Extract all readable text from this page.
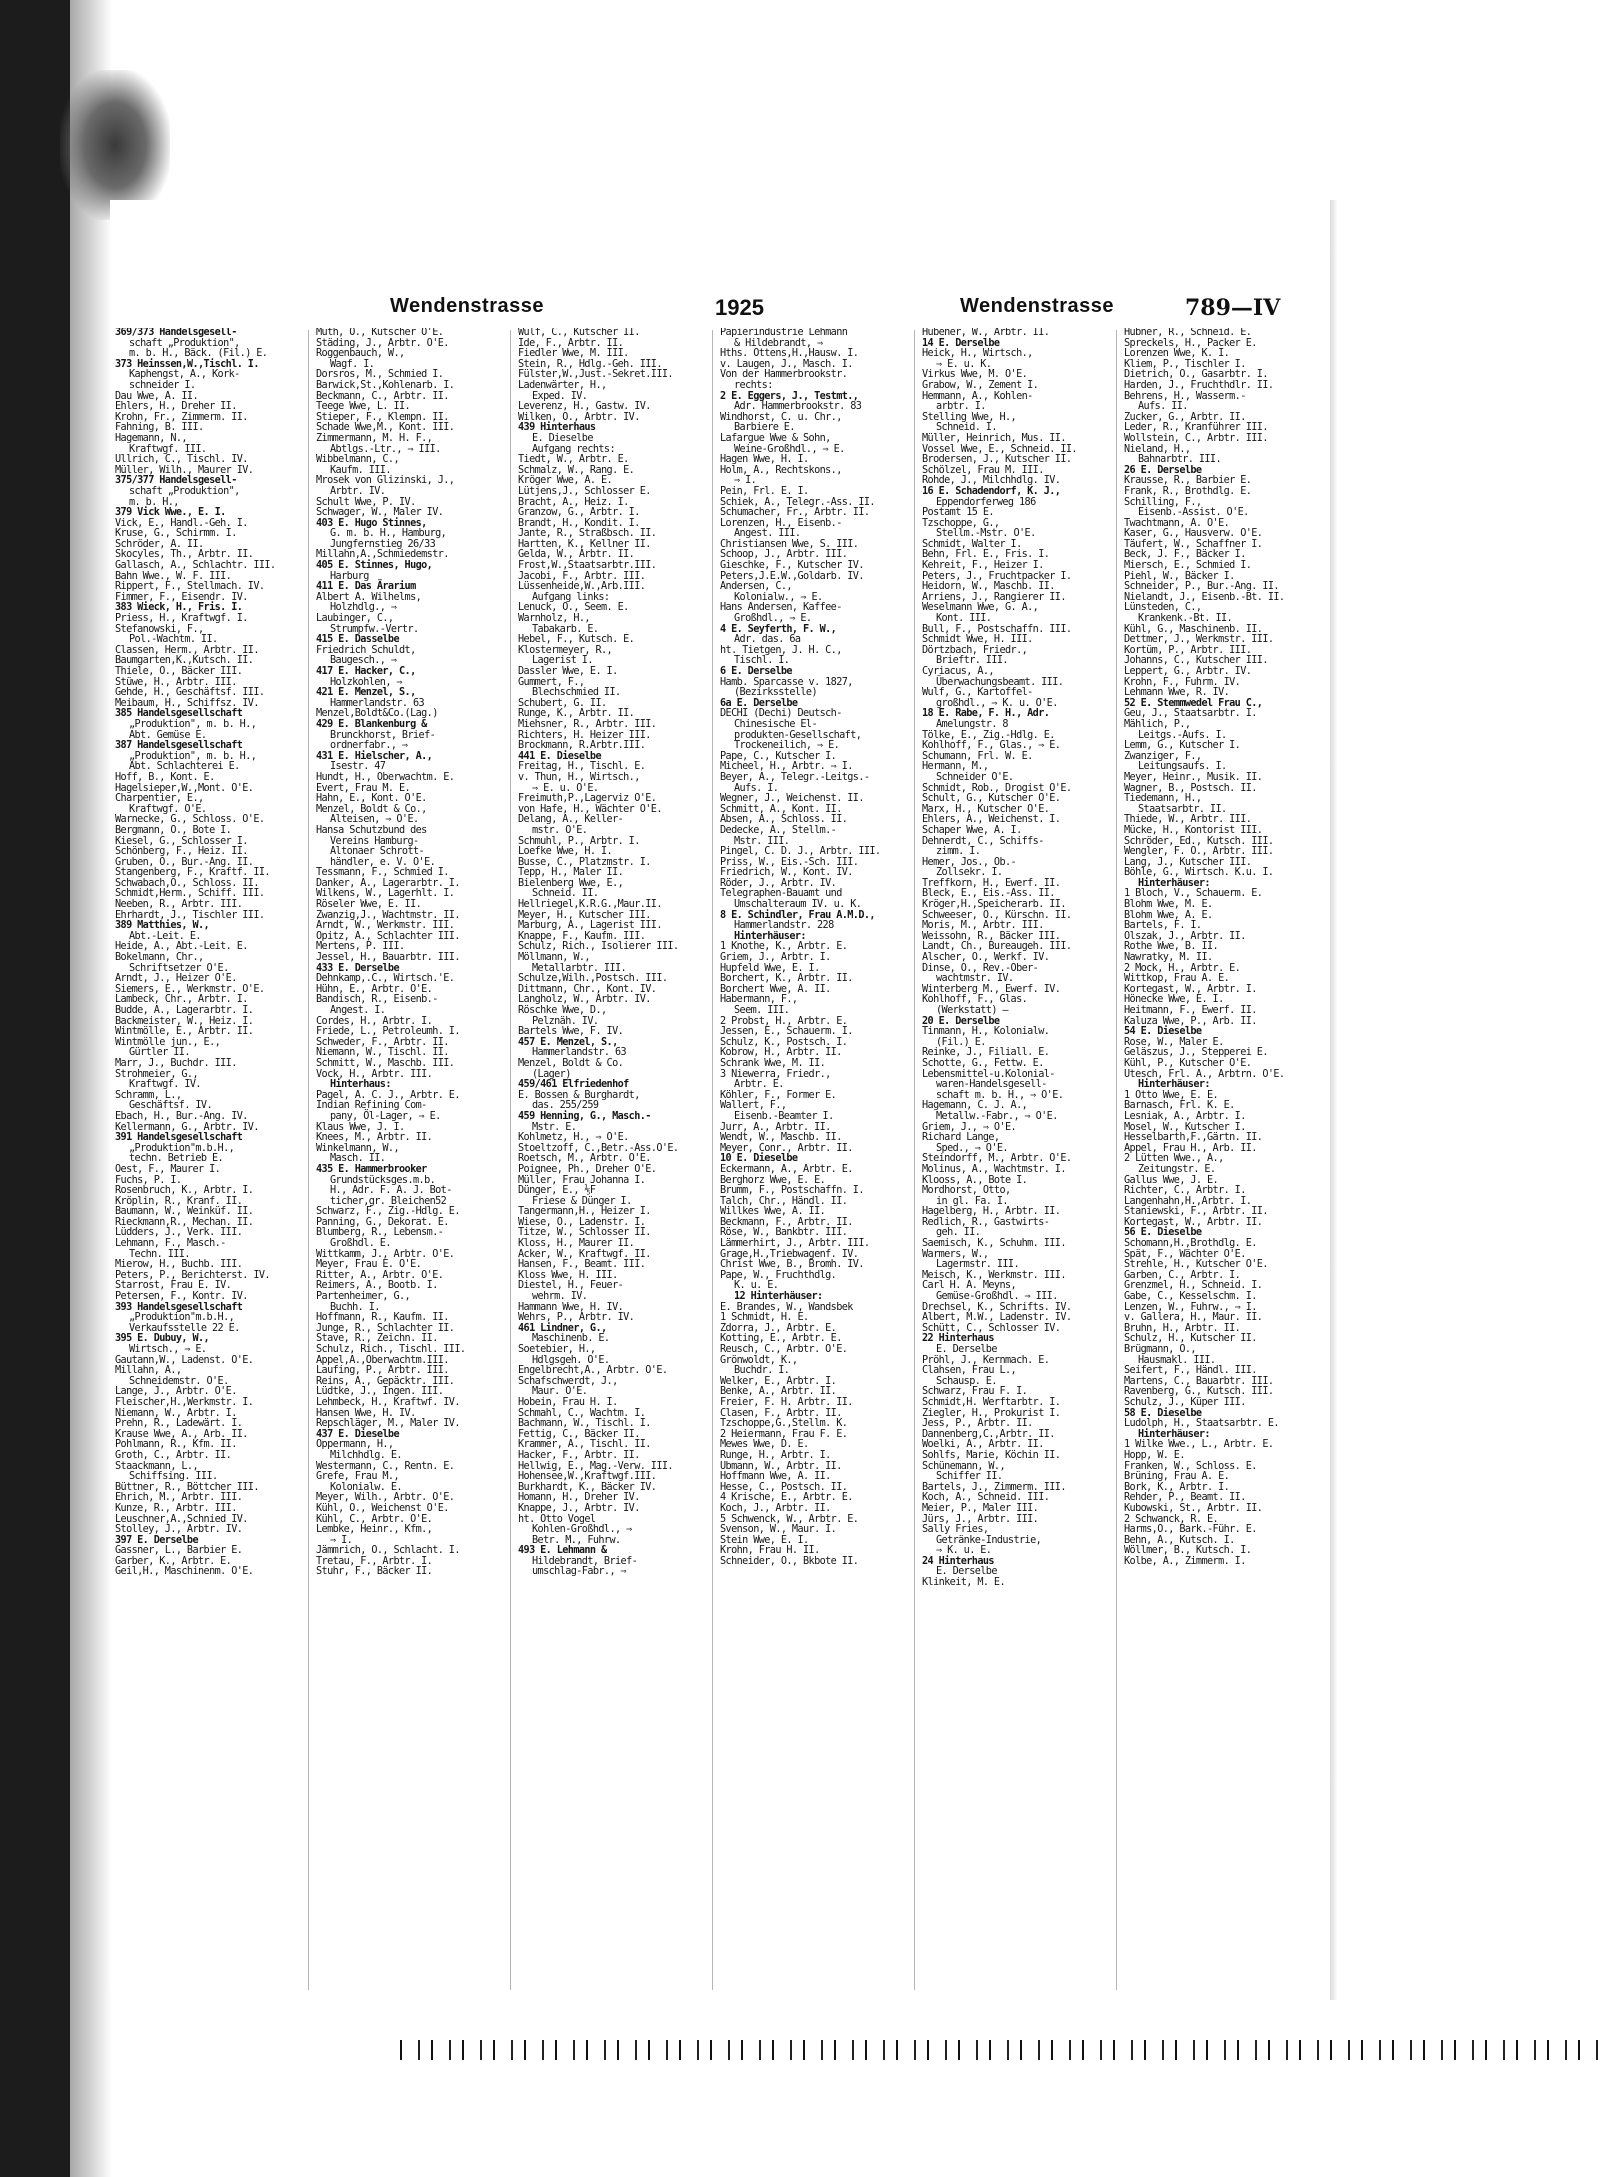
Wendenstrasse	1925	Wendenstrasse	789—IV

369/373 Handelsgesell-

schaft „Produktion",

m. b. H., Bäck. (Fil.) E.

373 Heinssen,W.,Tischl. I.

Kaphengst, A., Kork-

schneider I.

Dau Wwe, A. II.

Ehlers, H., Dreher II.

Krohn, Fr., Zimmerm. II.

Fahning, B. III.

Hagemann, N.,

Kraftwgf. III.

Ullrich, C., Tischl. IV.

Müller, Wilh., Maurer IV.

375/377 Handelsgesell-

schaft „Produktion",

m. b. H.,

379 Vick Wwe., E. I.

Vick, E., Handl.-Geh. I.

Kruse, G., Schirmm. I.

Schröder, A. II.

Skocyles, Th., Arbtr. II.

Gallasch, A., Schlachtr. III.

Bahn Wwe., W. F. III.

Rippert, F., Stellmach. IV.

Fimmer, F., Eisendr. IV.

383 Wieck, H., Fris. I.

Priess, H., Kraftwgf. I.

Stefanowski, F.,

Pol.-Wachtm. II.

Classen, Herm., Arbtr. II.

Baumgarten,K.,Kutsch. II.

Thiele, O., Bäcker III.

Stüwe, H., Arbtr. III.

Gehde, H., Geschäftsf. III.

Meibaum, H., Schiffsz. IV.

385 Handelsgesellschaft

„Produktion", m. b. H.,

Abt. Gemüse E.

387 Handelsgesellschaft

„Produktion", m. b. H.,

Abt. Schlachterei E.

Hoff, B., Kont. E.

Hagelsieper,W.,Mont. O'E.

Charpentier, E.,

Kraftwgf. O'E.

Warnecke, G., Schloss. O'E.

Bergmann, O., Bote I.

Kiesel, G., Schlosser I.

Schönberg, F., Heiz. II.

Gruben, O., Bur.-Ang. II.

Stangenberg, F., Kraftf. II.

Schwabach,O., Schloss. II.

Schmidt,Herm., Schiff. III.

Neeben, R., Arbtr. III.

Ehrhardt, J., Tischler III.

389 Matthies, W.,

Abt.-Leit. E.

Heide, A., Abt.-Leit. E.

Bokelmann, Chr.,

Schriftsetzer O'E.

Arndt, J., Heizer O'E.

Siemers, E., Werkmstr. O'E.

Lambeck, Chr., Arbtr. I.

Budde, A., Lagerarbtr. I.

Backmeister, W., Heiz. I.

Wintmölle, E., Arbtr. II.

Wintmölle jun., E.,

Gürtler II.

Marr, J., Buchdr. III.

Strohmeier, G.,

Kraftwgf. IV.

Schramm, L.,

Geschäftsf. IV.

Ebach, H., Bur.-Ang. IV.

Kellermann, G., Arbtr. IV.

391 Handelsgesellschaft

„Produktion"m.b.H.,

techn. Betrieb E.

Oest, F., Maurer I.

Fuchs, P. I.

Rosenbruch, K., Arbtr. I.

Kröplin, R., Kranf. II.

Baumann, W., Weinküf. II.

Rieckmann,R., Mechan. II.

Lüdders, J., Verk. III.

Lehmann, F., Masch.-

Techn. III.

Mierow, H., Buchb. III.

Peters, P., Berichterst. IV.

Starrost, Frau E. IV.

Petersen, F., Kontr. IV.

393 Handelsgesellschaft

„Produktion"m.b.H.,

Verkaufsstelle 22 E.

395 E. Dubuy, W.,

Wirtsch., ⇒ E.

Gautann,W., Ladenst. O'E.

Millahn, A.,

Schneidemstr. O'E.

Lange, J., Arbtr. O'E.

Fleischer,H.,Werkmstr. I.

Niemann, W., Arbtr. I.

Prehn, R., Ladewärt. I.

Krause Wwe, A., Arb. II.

Pohlmann, R., Kfm. II.

Groth, C., Arbtr. II.

Staackmann, L.,

Schiffsing. III.

Büttner, R., Böttcher III.

Ehrich, M., Arbtr. III.

Kunze, R., Arbtr. III.

Leuschner,A.,Schnied IV.

Stolley, J., Arbtr. IV.

397 E. Derselbe

Gassner, L., Barbier E.

Garber, K., Arbtr. E.

Geil,H., Maschinenm. O'E.

Muth, O., Kutscher O'E.

Städing, J., Arbtr. O'E.

Roggenbauch, W.,

Wagf. I.

Dorsros, M., Schmied I.

Barwick,St.,Kohlenarb. I.

Beckmann, C., Arbtr. II.

Teege Wwe, L. II.

Stieper, F., Klempn. II.

Schade Wwe,M., Kont. III.

Zimmermann, M. H. F.,

Abtlgs.-Ltr., ⇒ III.

Wibbelmann, C.,

Kaufm. III.

Mrosek von Glizinski, J.,

Arbtr. IV.

Schult Wwe, P. IV.

Schwager, W., Maler IV.

403 E. Hugo Stinnes,

G. m. b. H., Hamburg,

Jungfernstieg 26/33

Millahn,A.,Schmiedemstr.

405 E. Stinnes, Hugo,

Harburg

411 E. Das Ärarium

Albert A. Wilhelms,

Holzhdlg., ⇒

Laubinger, C.,

Strumpfw.-Vertr.

415 E. Dasselbe

Friedrich Schuldt,

Baugesch., ⇒

417 E. Hacker, C.,

Holzkohlen, ⇒

421 E. Menzel, S.,

Hammerlandstr. 63

Menzel,Boldt&Co.(Lag.)

429 E. Blankenburg &

Brunckhorst, Brief-

ordnerfabr., ⇒

431 E. Hielscher, A.,

Isestr. 47

Hundt, H., Oberwachtm. E.

Evert, Frau M. E.

Hahn, E., Kont. O'E.

Menzel, Boldt & Co.,

Alteisen, ⇒ O'E.

Hansa Schutzbund des

Vereins Hamburg-

Altonaer Schrott-

händler, e. V. O'E.

Tessmann, F., Schmied I.

Danker, A., Lagerarbtr. I.

Wilkens, W., Lagerhlt. I.

Röseler Wwe, E. II.

Zwanzig,J., Wachtmstr. II.

Arndt, W., Werkmstr. III.

Opitz, A., Schlachter III.

Mertens, P. III.

Jessel, H., Bauarbtr. III.

433 E. Derselbe

Dehnkamp,.C., Wirtsch.'E.

Hühn, E., Arbtr. O'E.

Bandisch, R., Eisenb.-

Angest. I.

Cordes, H., Arbtr. I.

Friede, L., Petroleumh. I.

Schweder, F., Arbtr. II.

Niemann, W., Tischl. II.

Schmitt, W., Maschb. III.

Vock, H., Arbtr. III.

Hinterhaus:

Pagel, A. C. J., Arbtr. E.

Indian Refining Com-

pany, Öl-Lager, ⇒ E.

Klaus Wwe, J. I.

Knees, M., Arbtr. II.

Winkelmann, W.,

Masch. II.

435 E. Hammerbrooker

Grundstücksges.m.b.

H., Adr. F. A. J. Bot-

ticher,gr. Bleichen52

Schwarz, F., Zig.-Hdlg. E.

Panning, G., Dekorat. E.

Blumberg, R., Lebensm.-

Großhdl. E.

Wittkamm, J., Arbtr. O'E.

Meyer, Frau E. O'E.

Ritter, A., Arbtr. O'E.

Reimers, A., Bootb. I.

Partenheimer, G.,

Buchh. I.

Hoffmann, R., Kaufm. II.

Junge, R., Schlachter II.

Stave, R., Zeichn. II.

Schulz, Rich., Tischl. III.

Appel,A.,Oberwachtm.III.

Laufing, P., Arbtr. III.

Reins, A., Gepäcktr. III.

Lüdtke, J., Ingen. III.

Lehmbeck, H., Kraftwf. IV.

Hansen Wwe, H. IV.

Repschläger, M., Maler IV.

437 E. Dieselbe

Oppermann, H.,

Milchhdlg. E.

Westermann, C., Rentn. E.

Grefe, Frau M.,

Kolonialw. E.

Meyer, Wilh., Arbtr. O'E.

Kühl, O., Weichenst O'E.

Kühl, C., Arbtr. O'E.

Lembke, Heinr., Kfm.,

⇒ I.

Jämmrich, O., Schlacht. I.

Tretau, F., Arbtr. I.

Stuhr, F., Bäcker II.

Wulf, C., Kutscher II.

Ide, F., Arbtr. II.

Fiedler Wwe, M. III.

Stein, R., Hdlg.-Geh. III.

Fülster,W.,Just.-Sekret.III.

Ladenwärter, H.,

Exped. IV.

Leverenz, H., Gastw. IV.

Wilken, O., Arbtr. IV.

439 Hinterhaus

E. Dieselbe

Aufgang rechts:

Tiedt, W., Arbtr. E.

Schmalz, W., Rang. E.

Kröger Wwe, A. E.

Lütjens,J., Schlosser E.

Bracht, A., Heiz. I.

Granzow, G., Arbtr. I.

Brandt, H., Kondit. I.

Jante, R., Straßbsch. II.

Hartten, K., Kellner II.

Gelda, W., Arbtr. II.

Frost,W.,Staatsarbtr.III.

Jacobi, F., Arbtr. III.

Lüssenheide,W.,Arb.III.

Aufgang links:

Lenuck, O., Seem. E.

Warnholz, H.,

Tabakarb. E.

Hebel, F., Kutsch. E.

Klostermeyer, R.,

Lagerist I.

Dassler Wwe, E. I.

Gummert, F.,

Blechschmied II.

Schubert, G. II.

Runge, K., Arbtr. II.

Miehsner, R., Arbtr. III.

Richters, H. Heizer III.

Brockmann, R.Arbtr.III.

441 E. Dieselbe

Freitag, H., Tischl. E.

v. Thun, H., Wirtsch.,

⇒ E. u. O'E.

Freimuth,P.,Lagerviz O'E.

von Hafe, H., Wächter O'E.

Delang, A., Keller-

mstr. O'E.

Schmuhl, P., Arbtr. I.

Loefke Wwe, H. I.

Busse, C., Platzmstr. I.

Tepp, H., Maler II.

Bielenberg Wwe, E.,

Schneid. II.

Hellriegel,K.R.G.,Maur.II.

Meyer, H., Kutscher III.

Marburg, A., Lagerist III.

Knappe, F., Kaufm. III.

Schulz, Rich., Isolierer III.

Möllmann, W.,

Metallarbtr. III.

Schulze,Wilh.,Postsch. III.

Dittmann, Chr., Kont. IV.

Langholz, W., Arbtr. IV.

Röschke Wwe, D.,

Pelznäh. IV.

Bartels Wwe, F. IV.

457 E. Menzel, S.,

Hammerlandstr. 63

Menzel, Boldt & Co.

(Lager)

459/461 Elfriedenhof

E. Bossen & Burghardt,

das. 255/259

459 Henning, G., Masch.-

Mstr. E.

Kohlmetz, H., ⇒ O'E.

Stoeltzoff, C.,Betr.-Ass.O'E.

Roetsch, M., Arbtr. O'E.

Poignee, Ph., Dreher O'E.

Müller, Frau Johanna I.

Dünger, E., ⅕F

Friese & Dünger I.

Tangermann,H., Heizer I.

Wiese, O., Ladenstr. I.

Titze, W., Schlosser II.

Kloss, H., Maurer II.

Acker, W., Kraftwgf. II.

Hansen, F., Beamt. III.

Kloss Wwe, H. III.

Diestel, H., Feuer-

wehrm. IV.

Hammann Wwe, H. IV.

Wehrs, P., Arbtr. IV.

461 Lindner, G.,

Maschinenb. E.

Soetebier, H.,

Hdlgsgeh. O'E.

Engelbrecht,A., Arbtr. O'E.

Schafschwerdt, J.,

Maur. O'E.

Hobein, Frau H. I.

Schmahl, C., Wachtm. I.

Bachmann, W., Tischl. I.

Fettig, C., Bäcker II.

Krammer, A., Tischl. II.

Hacker, F., Arbtr. II.

Hellwig, E., Mag.-Verw. III.

Hohensee,W.,Kraftwgf.III.

Burkhardt, K., Bäcker IV.

Homann, H., Dreher IV.

Knappe, J., Arbtr. IV.

ht. Otto Vogel

Kohlen-Großhdl., ⇒

Betr. M., Fuhrw.

493 E. Lehmann &

Hildebrandt, Brief-

umschlag-Fabr., ⇒

Papierindustrie Lehmann

& Hildebrandt, ⇒

Hths. Ottens,H.,Hausw. I.

v. Laugen, J., Masch. I.

Von der Hammerbrookstr.

rechts:

2 E. Eggers, J., Testmt.,

Adr. Hammerbrookstr. 83

Windhorst, C. u. Chr.,

Barbiere E.

Lafargue Wwe & Sohn,

Weine-Großhdl., ⇒ E.

Hagen Wwe, H. I.

Holm, A., Rechtskons.,

⇒ I.

Pein, Frl. E. I.

Schiek, A., Telegr.-Ass. II.

Schumacher, Fr., Arbtr. II.

Lorenzen, H., Eisenb.-

Angest. III.

Christiansen Wwe, S. III.

Schoop, J., Arbtr. III.

Gieschke, F., Kutscher IV.

Peters,J.E.W.,Goldarb. IV.

Andersen, C.,

Kolonialw., ⇒ E.

Hans Andersen, Kaffee-

Großhdl., ⇒ E.

4 E. Seyferth, F. W.,

Adr. das. 6a

ht. Tietgen, J. H. C.,

Tischl. I.

6 E. Derselbe

Hamb. Sparcasse v. 1827,

(Bezirksstelle)

6a E. Derselbe

DECHI (Dechi) Deutsch-

Chinesische El-

produkten-Gesellschaft,

Trockeneilich, ⇒ E.

Pape, C., Kutscher I.

Micheel, H., Arbtr. ⇒ I.

Beyer, A., Telegr.-Leitgs.-

Aufs. I.

Wegner, J., Weichenst. II.

Schmitt, A., Kont. II.

Absen, A., Schloss. II.

Dedecke, A., Stellm.-

Mstr. III.

Pingel, C. D. J., Arbtr. III.

Priss, W., Eis.-Sch. III.

Friedrich, W., Kont. IV.

Röder, J., Arbtr. IV.

Telegraphen-Bauamt und

Umschalteraum IV. u. K.

8 E. Schindler, Frau A.M.D.,

Hammerlandstr. 228

Hinterhäuser:

1 Knothe, K., Arbtr. E.

Griem, J., Arbtr. I.

Hupfeld Wwe, E. I.

Borchert, K., Arbtr. II.

Borchert Wwe, A. II.

Habermann, F.,

Seem. III.

2 Probst, H., Arbtr. E.

Jessen, E., Schauerm. I.

Schulz, K., Postsch. I.

Kobrow, H., Arbtr. II.

Schrank Wwe, M. II.

3 Niewerra, Friedr.,

Arbtr. E.

Köhler, F., Former E.

Wallert, F.,

Eisenb.-Beamter I.

Jurr, A., Arbtr. II.

Wendt, W., Maschb. II.

Meyer, Conr., Arbtr. II.

10 E. Dieselbe

Eckermann, A., Arbtr. E.

Berghorz Wwe, E. E.

Brumm, F., Postschaffn. I.

Talch, Chr., Händl. II.

Willkes Wwe, A. II.

Beckmann, F., Arbtr. II.

Röse, W., Bankbtr. III.

Lämmerhirt, J., Arbtr. III.

Grage,H.,Triebwagenf. IV.

Christ Wwe, B., Bromh. IV.

Pape, W., Fruchthdlg.

K. u. E.

12 Hinterhäuser:

E. Brandes, W., Wandsbek

1 Schmidt, H. E.

Zdorra, J., Arbtr. E.

Kotting, E., Arbtr. E.

Reusch, C., Arbtr. O'E.

Grönwoldt, K.,

Buchdr. I.

Welker, E., Arbtr. I.

Benke, A., Arbtr. II.

Freier, F. H. Arbtr. II.

Clasen, F., Arbtr. II.

Tzschoppe,G.,Stellm. K.

2 Heiermann, Frau F. E.

Mewes Wwe, D. E.

Runge, H., Arbtr. I.

Ubmann, W., Arbtr. II.

Hoffmann Wwe, A. II.

Hesse, C., Postsch. II.

4 Krische, E., Arbtr. E.

Koch, J., Arbtr. II.

5 Schwenck, W., Arbtr. E.

Svenson, W., Maur. I.

Stein Wwe, E. I.

Krohn, Frau H. II.

Schneider, O., Bkbote II.

Hübener, W., Arbtr. II.

14 E. Derselbe

Heick, H., Wirtsch.,

⇒ E. u. K.

Virkus Wwe, M. O'E.

Grabow, W., Zement I.

Hemmann, A., Kohlen-

arbtr. I.

Stelling Wwe, H.,

Schneid. I.

Müller, Heinrich, Mus. II.

Vossel Wwe, E., Schneid. II.

Brodersen, J., Kutscher II.

Schölzel, Frau M. III.

Rohde, J., Milchhdlg. IV.

16 E. Schadendorf, K. J.,

Eppendorferweg 186

Postamt 15 E.

Tzschoppe, G.,

Stellm.-Mstr. O'E.

Schmidt, Walter I.

Behn, Frl. E., Fris. I.

Kehreit, F., Heizer I.

Peters, J., Fruchtpacker I.

Heidorn, W., Maschb. II.

Arriens, J., Rangierer II.

Weselmann Wwe, G. A.,

Kont. III.

Bull, F., Postschaffn. III.

Schmidt Wwe, H. III.

Dörtzbach, Friedr.,

Brieftr. III.

Cyriacus, A.,

Überwachungsbeamt. III.

Wulf, G., Kartoffel-

großhdl., ⇒ K. u. O'E.

18 E. Rabe, F. H., Adr.

Amelungstr. 8

Tölke, E., Zig.-Hdlg. E.

Kohlhoff, F., Glas., ⇒ E.

Schumann, Frl. W. E.

Hermann, M.,

Schneider O'E.

Schmidt, Rob., Drogist O'E.

Schult, G., Kutscher O'E.

Marx, H., Kutscher O'E.

Ehlers, A., Weichenst. I.

Schaper Wwe, A. I.

Dehnerdt, C., Schiffs-

zimm. I.

Hemer, Jos., Ob.-

Zollsekr. I.

Treffkorn, H., Ewerf. II.

Bleck, E., Eis.-Ass. II.

Kröger,H.,Speicherarb. II.

Schweeser, O., Kürschn. II.

Moris, M., Arbtr. III.

Weissohn, R., Bäcker III.

Landt, Ch., Bureaugeh. III.

Alscher, O., Werkf. IV.

Dinse, O., Rev.-Ober-

wachtmstr. IV.

Winterberg M., Ewerf. IV.

Kohlhoff, F., Glas.

(Werkstatt) —

20 E. Derselbe

Tinmann, H., Kolonialw.

(Fil.) E.

Reinke, J., Filiall. E.

Schotte, G., Fettw. E.

Lebensmittel-u.Kolonial-

waren-Handelsgesell-

schaft m. b. H., ⇒ O'E.

Hagemann, C. J. A.,

Metallw.-Fabr., ⇒ O'E.

Griem, J., ⇒ O'E.

Richard Lange,

Sped., ⇒ O'E.

Steindorff, M., Arbtr. O'E.

Molinus, A., Wachtmstr. I.

Klooss, A., Bote I.

Mordhorst, Otto,

in gl. Fa. I.

Hagelberg, H., Arbtr. II.

Redlich, R., Gastwirts-

geh. II.

Saemisch, K., Schuhm. III.

Warmers, W.,

Lagermstr. III.

Meisch, K., Werkmstr. III.

Carl H. A. Meyns,

Gemüse-Großhdl. ⇒ III.

Drechsel, K., Schrifts. IV.

Albert, M.W., Ladenstr. IV.

Schütt, C., Schlosser IV.

22 Hinterhaus

E. Derselbe

Pröhl, J., Kernmach. E.

Clahsen, Frau L.,

Schausp. E.

Schwarz, Frau F. I.

Schmidt,H. Werftarbtr. I.

Ziegler, H., Prokurist I.

Jess, P., Arbtr. II.

Dannenberg,C.,Arbtr. II.

Woelki, A., Arbtr. II.

Sohlfs, Marie, Köchin II.

Schünemann, W.,

Schiffer II.

Bartels, J., Zimmerm. III.

Koch, A., Schneid. III.

Meier, P., Maler III.

Jürs, J., Arbtr. III.

Sally Fries,

Getränke-Industrie,

⇒ K. u. E.

24 Hinterhaus

E. Derselbe

Klinkeit, M. E.

Hübner, R., Schneid. E.

Spreckels, H., Packer E.

Lorenzen Wwe, K. I.

Kliem, P., Tischler I.

Dietrich, O., Gasarbtr. I.

Harden, J., Fruchthdlr. II.

Behrens, H., Wasserm.-

Aufs. II.

Zucker, G., Arbtr. II.

Leder, R., Kranführer III.

Wollstein, C., Arbtr. III.

Nieland, H.,

Bahnarbtr. III.

26 E. Derselbe

Krausse, R., Barbier E.

Frank, R., Brothdlg. E.

Schilling, F.,

Eisenb.-Assist. O'E.

Twachtmann, A. O'E.

Kaser, G., Hausverw. O'E.

Täufert, W., Schaffner I.

Beck, J. F., Bäcker I.

Miersch, E., Schmied I.

Piehl, W., Bäcker I.

Schneider, P., Bur.-Ang. II.

Nielandt, J., Eisenb.-Bt. II.

Lünsteden, C.,

Krankenk.-Bt. II.

Kühl, G., Maschinenb. II.

Dettmer, J., Werkmstr. III.

Kortüm, P., Arbtr. III.

Johanns, C., Kutscher III.

Leppert, G., Arbtr. IV.

Krohn, F., Fuhrm. IV.

Lehmann Wwe, R. IV.

52 E. Stemmwedel Frau C.,

Geu, J., Staatsarbtr. I.

Mählich, P.,

Leitgs.-Aufs. I.

Lemm, G., Kutscher I.

Zwanziger, F.,

Leitungsaufs. I.

Meyer, Heinr., Musik. II.

Wagner, B., Postsch. II.

Tiedemann, H.,

Staatsarbtr. II.

Thiede, W., Arbtr. III.

Mücke, H., Kontorist III.

Schröder, Ed., Kutsch. III.

Wengler, F. O., Arbtr. III.

Lang, J., Kutscher III.

Böhle, G., Wirtsch. K.u. I.

Hinterhäuser:

1 Bloch, V., Schauerm. E.

Blohm Wwe, M. E.

Blohm Wwe, A. E.

Bartels, F. I.

Olszak, J., Arbtr. II.

Rothe Wwe, B. II.

Nawratky, M. II.

2 Mock, H., Arbtr. E.

Wittkop, Frau A. E.

Kortegast, W., Arbtr. I.

Hönecke Wwe, E. I.

Heitmann, F., Ewerf. II.

Kaluza Wwe, P., Arb. II.

54 E. Dieselbe

Rose, W., Maler E.

Geläszus, J., Stepperei E.

Kühl, P., Kutscher O'E.

Utesch, Frl. A., Arbtrn. O'E.

Hinterhäuser:

1 Otto Wwe, E. E.

Barnasch, Frl. K. E.

Lesniak, A., Arbtr. I.

Mosel, W., Kutscher I.

Hesselbarth,F.,Gärtn. II.

Appel, Frau H., Arb. II.

2 Lütten Wwe., A.,

Zeitungstr. E.

Gallus Wwe, J. E.

Richter, C., Arbtr. I.

Langenhahn,H.,Arbtr. I.

Staniewski, F., Arbtr. II.

Kortegast, W., Arbtr. II.

56 E. Dieselbe

Schomann,H.,Brothdlg. E.

Spät, F., Wächter O'E.

Strehle, H., Kutscher O'E.

Garben, C., Arbtr. I.

Grenzmel, H., Schneid. I.

Gabe, C., Kesselschm. I.

Lenzen, W., Fuhrw., ⇒ I.

v. Gallera, H., Maur. II.

Bruhn, H., Arbtr. II.

Schulz, H., Kutscher II.

Brügmann, O.,

Hausmakl. III.

Seifert, F., Händl. III.

Martens, C., Bauarbtr. III.

Ravenberg, G., Kutsch. III.

Schulz, J., Küper III.

58 E. Dieselbe

Ludolph, H., Staatsarbtr. E.

Hinterhäuser:

1 Wilke Wwe., L., Arbtr. E.

Hopp, W. E.

Franken, W., Schloss. E.

Brüning, Frau A. E.

Bork, K., Arbtr. I.

Rehder, P., Beamt. II.

Kubowski, St., Arbtr. II.

2 Schwanck, R. E.

Harms,O., Bark.-Führ. E.

Behn, A., Kutsch. I.

Wöllmer, B., Kutsch. I.

Kolbe, A., Zimmerm. I.
